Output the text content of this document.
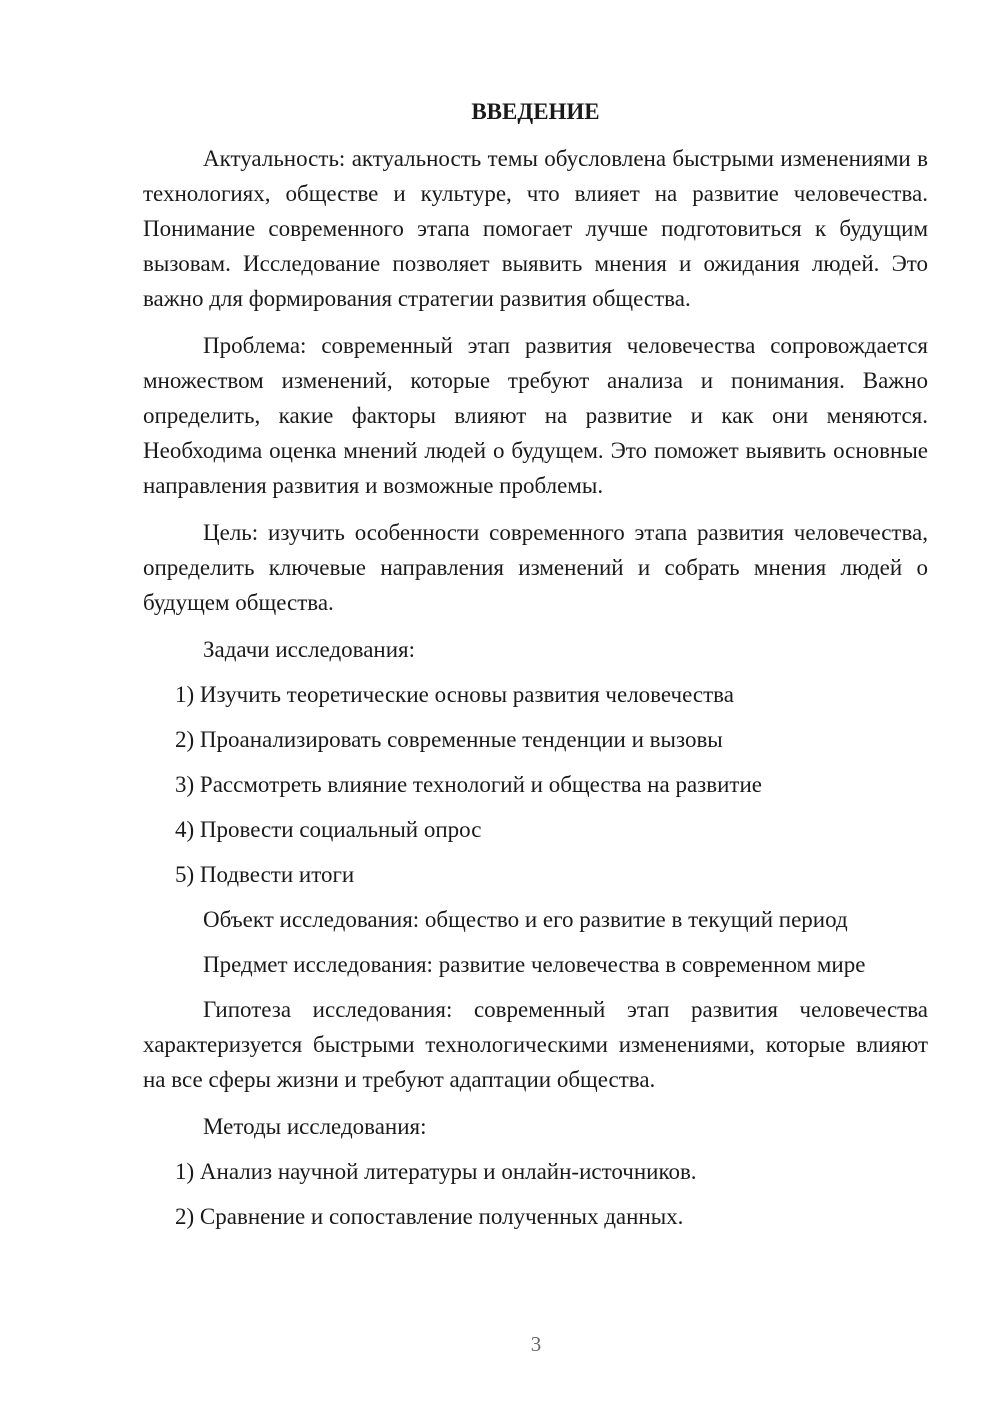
ВВЕДЕНИЕ

Актуальность: актуальность темы обусловлена быстрыми изменениями в технологиях, обществе и культуре, что влияет на развитие человечества. Понимание современного этапа помогает лучше подготовиться к будущим вызовам. Исследование позволяет выявить мнения и ожидания людей. Это важно для формирования стратегии развития общества.

Проблема: современный этап развития человечества сопровождается множеством изменений, которые требуют анализа и понимания. Важно определить, какие факторы влияют на развитие и как они меняются. Необходима оценка мнений людей о будущем. Это поможет выявить основные направления развития и возможные проблемы.

Цель: изучить особенности современного этапа развития человечества, определить ключевые направления изменений и собрать мнения людей о будущем общества.

Задачи исследования:
1) Изучить теоретические основы развития человечества
2) Проанализировать современные тенденции и вызовы
3) Рассмотреть влияние технологий и общества на развитие
4) Провести социальный опрос
5) Подвести итоги
Объект исследования: общество и его развитие в текущий период
Предмет исследования: развитие человечества в современном мире

Гипотеза исследования: современный этап развития человечества характеризуется быстрыми технологическими изменениями, которые влияют на все сферы жизни и требуют адаптации общества.

Методы исследования:
1) Анализ научной литературы и онлайн-источников.
2) Сравнение и сопоставление полученных данных.
3
